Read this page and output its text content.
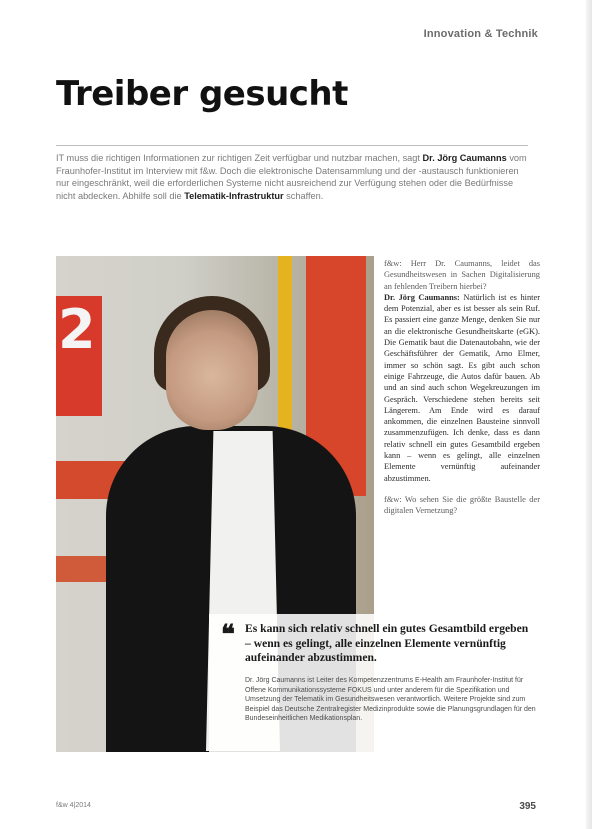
Innovation & Technik
Treiber gesucht

IT muss die richtigen Informationen zur richtigen Zeit verfügbar und nutzbar machen, sagt Dr. Jörg Caumanns vom Fraunhofer-Institut im Interview mit f&w. Doch die elektronische Datensammlung und der -austausch funktionieren nur eingeschränkt, weil die erforderlichen Systeme nicht ausreichend zur Verfügung stehen oder die Bedürfnisse nicht abdecken. Abhilfe soll die Telematik-Infrastruktur schaffen.

2
❝ Es kann sich relativ schnell ein gutes Gesamtbild ergeben – wenn es gelingt, alle einzelnen Elemente vernünftig aufeinander abzustimmen.

Dr. Jörg Caumanns ist Leiter des Kompetenzzentrums E-Health am Fraunhofer-Institut für Offene Kommunikationssysteme FOKUS und unter anderem für die Spezifikation und Umsetzung der Telematik im Gesundheitswesen verantwortlich. Weitere Projekte sind zum Beispiel das Deutsche Zentralregister Medizinprodukte sowie die Planungsgrundlagen für den Bundeseinheitlichen Medikationsplan.

f&w: Herr Dr. Caumanns, leidet das Gesundheitswesen in Sachen Digitalisierung an fehlenden Treibern hierbei?

Dr. Jörg Caumanns: Natürlich ist es hinter dem Potenzial, aber es ist besser als sein Ruf. Es passiert eine ganze Menge, denken Sie nur an die elektronische Gesundheitskarte (eGK). Die Gematik baut die Datenautobahn, wie der Geschäftsführer der Gematik, Arno Elmer, immer so schön sagt. Es gibt auch schon einige Fahrzeuge, die Autos dafür bauen. Ab und an sind auch schon Wegekreuzungen im Gespräch. Verschiedene stehen bereits seit Längerem. Am Ende wird es darauf ankommen, die einzelnen Bausteine sinnvoll zusammenzufügen. Ich denke, dass es dann relativ schnell ein gutes Gesamtbild ergeben kann – wenn es gelingt, alle einzelnen Elemente vernünftig aufeinander abzustimmen.

f&w: Wo sehen Sie die größte Baustelle der digitalen Vernetzung?

f&w 4|2014	395
